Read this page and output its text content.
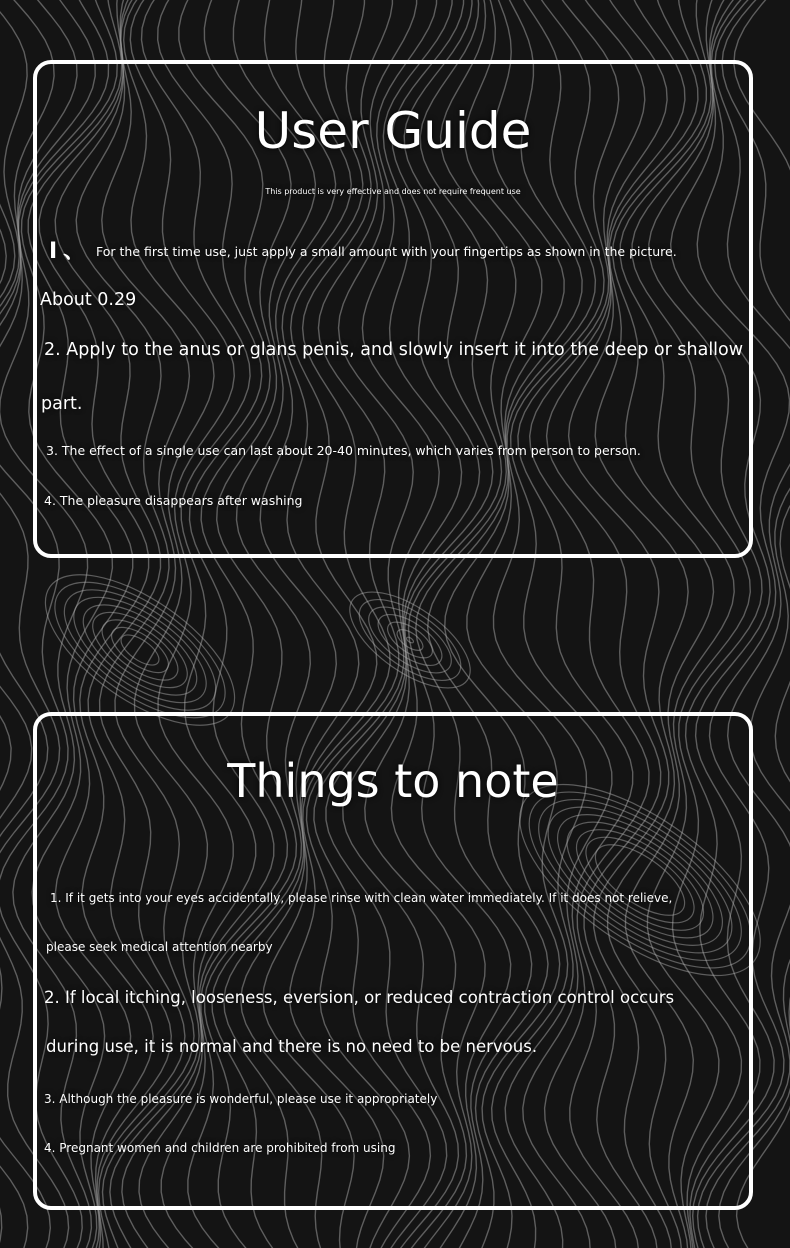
User Guide
This product is very effective and does not require frequent use
I、 For the first time use, just apply a small amount with your fingertips as shown in the picture.
About 0.29
2. Apply to the anus or glans penis, and slowly insert it into the deep or shallow
part.
3. The effect of a single use can last about 20-40 minutes, which varies from person to person.
4. The pleasure disappears after washing
Things to note
1. If it gets into your eyes accidentally, please rinse with clean water immediately. If it does not relieve,
please seek medical attention nearby
2. If local itching, looseness, eversion, or reduced contraction control occurs
during use, it is normal and there is no need to be nervous.
3. Although the pleasure is wonderful, please use it appropriately
4. Pregnant women and children are prohibited from using
